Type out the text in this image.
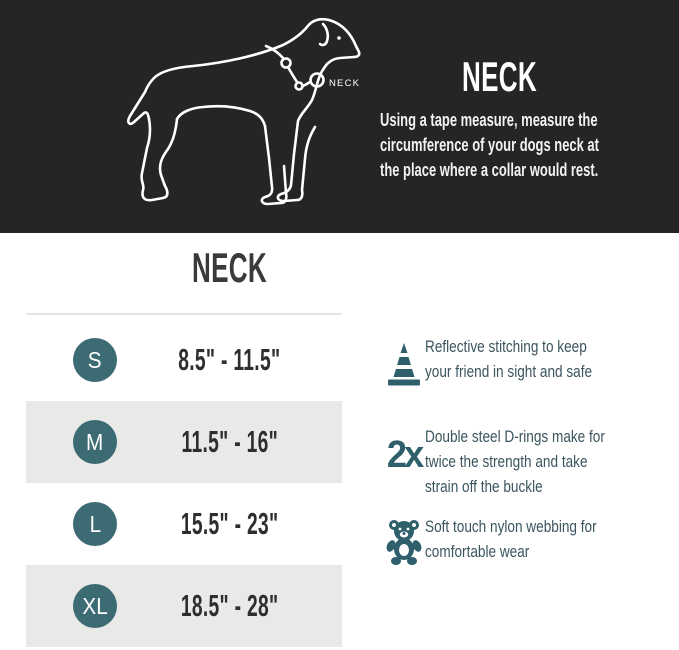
NECK	NECK

Using a tape measure, measure the circumference of your dogs neck at the place where a collar would rest.

NECK
S	8.5" - 11.5"
M	11.5" - 16"
L	15.5" - 23"
XL	18.5" - 28"
Reflective stitching to keep your friend in sight and safe
2x Double steel D-rings make for twice the strength and take strain off the buckle
Soft touch nylon webbing for comfortable wear
